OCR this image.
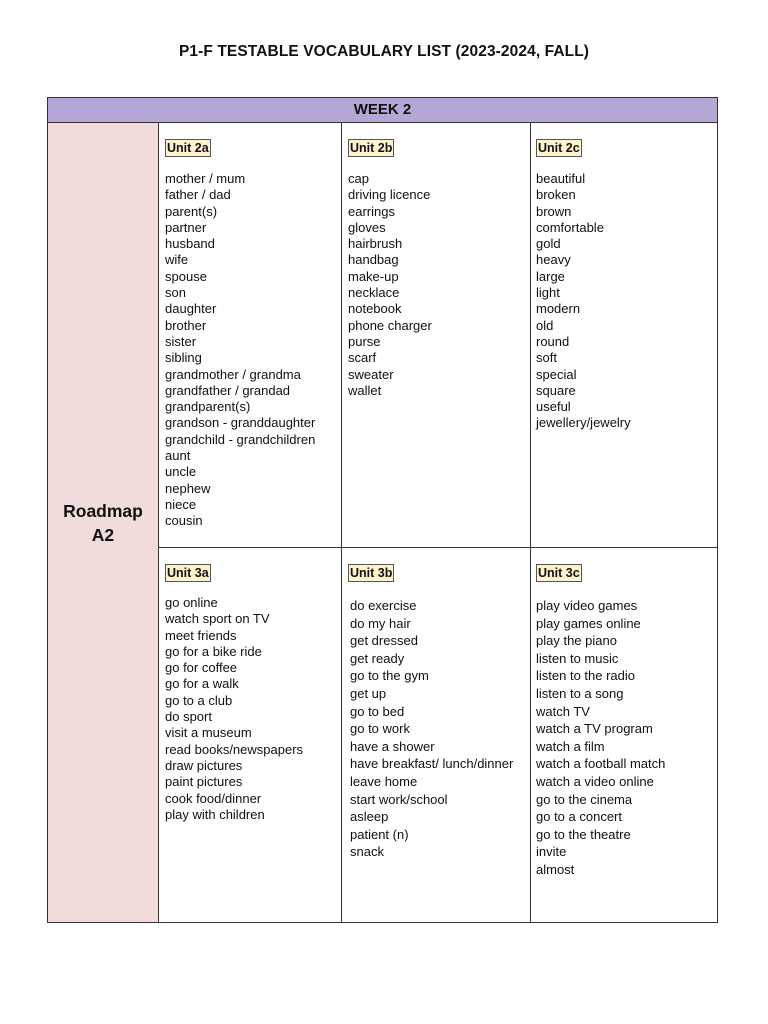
P1-F TESTABLE VOCABULARY LIST (2023-2024, FALL)
WEEK 2
Roadmap
A2
Unit 2a
mother / mum
father / dad
parent(s)
partner
husband
wife
spouse
son
daughter
brother
sister
sibling
grandmother / grandma
grandfather / grandad
grandparent(s)
grandson - granddaughter
grandchild - grandchildren
aunt
uncle
nephew
niece
cousin
Unit 2b
cap
driving licence
earrings
gloves
hairbrush
handbag
make-up
necklace
notebook
phone charger
purse
scarf
sweater
wallet
Unit 2c
beautiful
broken
brown
comfortable
gold
heavy
large
light
modern
old
round
soft
special
square
useful
jewellery/jewelry
Unit 3a
go online
watch sport on TV
meet friends
go for a bike ride
go for coffee
go for a walk
go to a club
do sport
visit a museum
read books/newspapers
draw pictures
paint pictures
cook food/dinner
play with children
Unit 3b
do exercise
do my hair
get dressed
get ready
go to the gym
get up
go to bed
go to work
have a shower
have breakfast/ lunch/dinner
leave home
start work/school
asleep
patient (n)
snack
Unit 3c
play video games
play games online
play the piano
listen to music
listen to the radio
listen to a song
watch TV
watch a TV program
watch a film
watch a football match
watch a video online
go to the cinema
go to a concert
go to the theatre
invite
almost
